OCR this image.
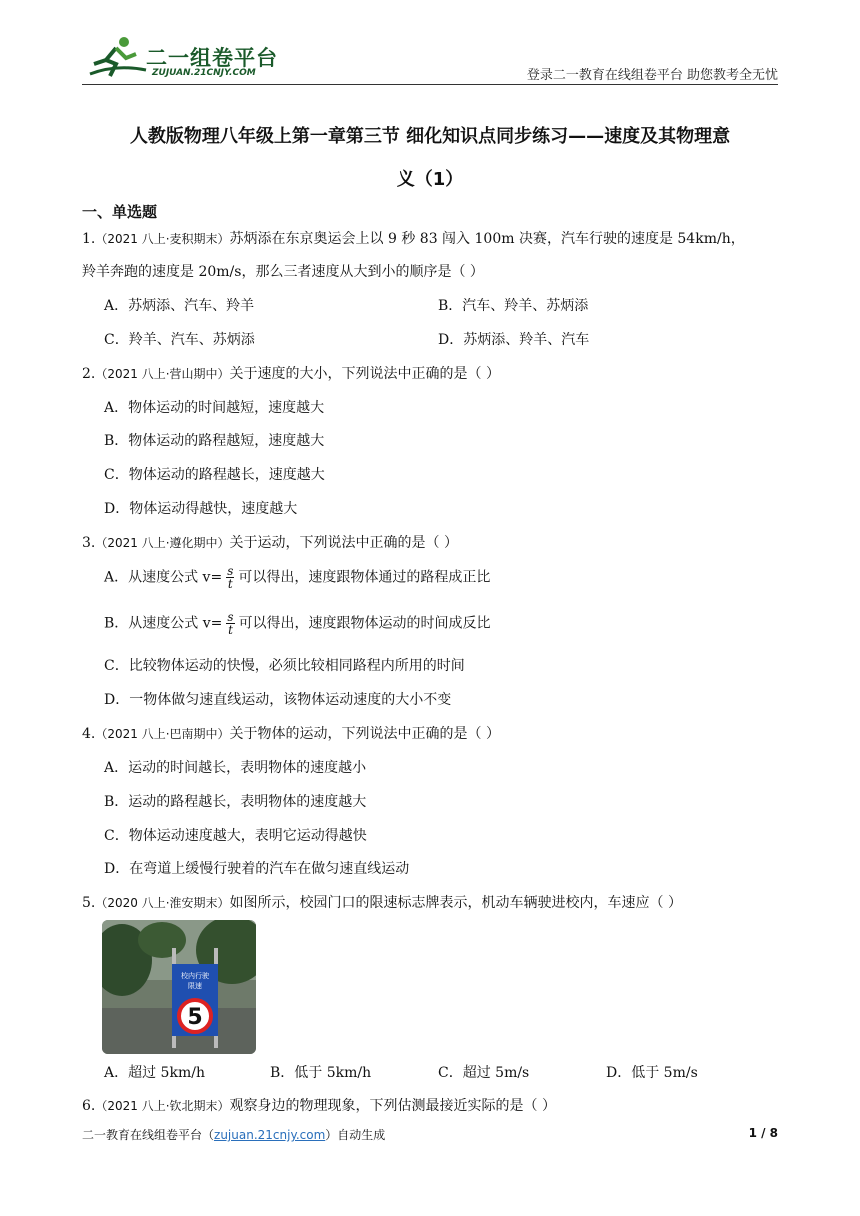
二一组卷平台
ZUJUAN.21CNJY.COM	登录二一教育在线组卷平台 助您教考全无忧
人教版物理八年级上第一章第三节 细化知识点同步练习——速度及其物理意
义（1）
一、单选题
1.（2021 八上·麦积期末）苏炳添在东京奥运会上以 9 秒 83 闯入 100m 决赛，汽车行驶的速度是 54km/h，
羚羊奔跑的速度是 20m/s，那么三者速度从大到小的顺序是（ ）
A．苏炳添、汽车、羚羊	B．汽车、羚羊、苏炳添
C．羚羊、汽车、苏炳添	D．苏炳添、羚羊、汽车
2.（2021 八上·营山期中）关于速度的大小，下列说法中正确的是（ ）
A．物体运动的时间越短，速度越大
B．物体运动的路程越短，速度越大
C．物体运动的路程越长，速度越大
D．物体运动得越快，速度越大
3.（2021 八上·遵化期中）关于运动，下列说法中正确的是（ ）
A．从速度公式 $v= \frac{s}{t}$ 可以得出，速度跟物体通过的路程成正比
B．从速度公式 $v= \frac{s}{t}$ 可以得出，速度跟物体运动的时间成反比
C．比较物体运动的快慢，必须比较相同路程内所用的时间
D．一物体做匀速直线运动，该物体运动速度的大小不变
4.（2021 八上·巴南期中）关于物体的运动，下列说法中正确的是（ ）
A．运动的时间越长，表明物体的速度越小
B．运动的路程越长，表明物体的速度越大
C．物体运动速度越大，表明它运动得越快
D．在弯道上缓慢行驶着的汽车在做匀速直线运动
5.（2020 八上·淮安期末）如图所示，校园门口的限速标志牌表示，机动车辆驶进校内，车速应（ ）
校内行驶
限速
5
A．超过 5km/h	B．低于 5km/h	C．超过 5m/s	D．低于 5m/s
6.（2021 八上·钦北期末）观察身边的物理现象，下列估测最接近实际的是（ ）
二一教育在线组卷平台（zujuan.21cnjy.com）自动生成	1 / 8
